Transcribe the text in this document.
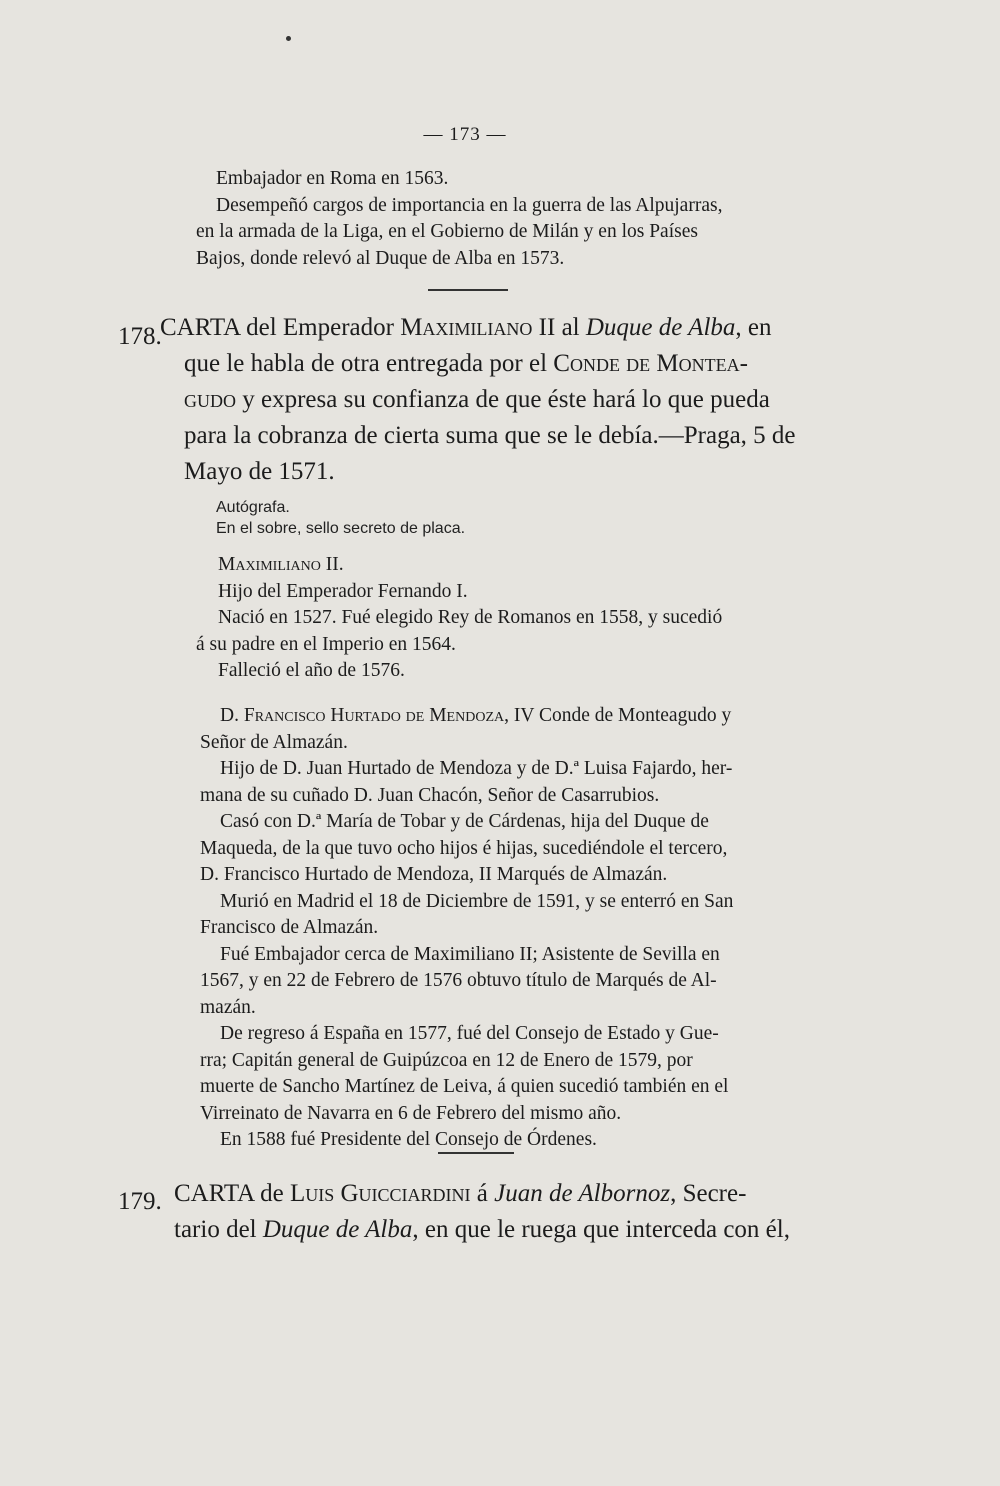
— 173 —
Embajador en Roma en 1563.
Desempeñó cargos de importancia en la guerra de las Alpujarras,
en la armada de la Liga, en el Gobierno de Milán y en los Países
Bajos, donde relevó al Duque de Alba en 1573.
178.
CARTA del Emperador Maximiliano II al Duque de Alba, en
que le habla de otra entregada por el Conde de Montea-
gudo y expresa su confianza de que éste hará lo que pueda
para la cobranza de cierta suma que se le debía.—Praga, 5 de
Mayo de 1571.
Autógrafa.
En el sobre, sello secreto de placa.
Maximiliano II.
Hijo del Emperador Fernando I.
Nació en 1527. Fué elegido Rey de Romanos en 1558, y sucedió
á su padre en el Imperio en 1564.
Falleció el año de 1576.
D. Francisco Hurtado de Mendoza, IV Conde de Monteagudo y
Señor de Almazán.
Hijo de D. Juan Hurtado de Mendoza y de D.ª Luisa Fajardo, her-
mana de su cuñado D. Juan Chacón, Señor de Casarrubios.
Casó con D.ª María de Tobar y de Cárdenas, hija del Duque de
Maqueda, de la que tuvo ocho hijos é hijas, sucediéndole el tercero,
D. Francisco Hurtado de Mendoza, II Marqués de Almazán.
Murió en Madrid el 18 de Diciembre de 1591, y se enterró en San
Francisco de Almazán.
Fué Embajador cerca de Maximiliano II; Asistente de Sevilla en
1567, y en 22 de Febrero de 1576 obtuvo título de Marqués de Al-
mazán.
De regreso á España en 1577, fué del Consejo de Estado y Gue-
rra; Capitán general de Guipúzcoa en 12 de Enero de 1579, por
muerte de Sancho Martínez de Leiva, á quien sucedió también en el
Virreinato de Navarra en 6 de Febrero del mismo año.
En 1588 fué Presidente del Consejo de Órdenes.
179. CARTA de Luis Guicciardini á Juan de Albornoz, Secre-
tario del Duque de Alba, en que le ruega que interceda con él,
